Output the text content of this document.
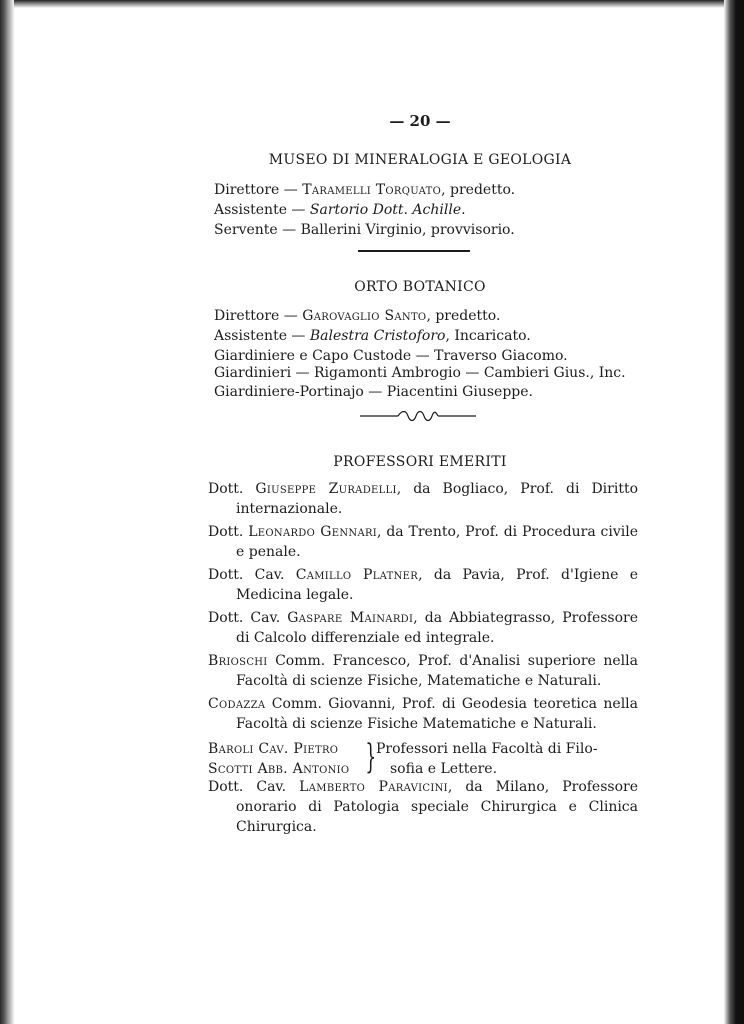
— 20 —
MUSEO DI MINERALOGIA E GEOLOGIA
Direttore — Taramelli Torquato, predetto.
Assistente — Sartorio Dott. Achille.
Servente — Ballerini Virginio, provvisorio.
ORTO BOTANICO
Direttore — Garovaglio Santo, predetto.
Assistente — Balestra Cristoforo, Incaricato.
Giardiniere e Capo Custode — Traverso Giacomo.
Giardinieri — Rigamonti Ambrogio — Cambieri Gius., Inc.
Giardiniere-Portinajo — Piacentini Giuseppe.
PROFESSORI EMERITI

Dott. Giuseppe Zuradelli, da Bogliaco, Prof. di Diritto internazionale.

Dott. Leonardo Gennari, da Trento, Prof. di Procedura civile e penale.

Dott. Cav. Camillo Platner, da Pavia, Prof. d'Igiene e Medicina legale.

Dott. Cav. Gaspare Mainardi, da Abbiategrasso, Professore di Calcolo differenziale ed integrale.

Brioschi Comm. Francesco, Prof. d'Analisi superiore nella Facoltà di scienze Fisiche, Matematiche e Naturali.

Codazza Comm. Giovanni, Prof. di Geodesia teoretica nella Facoltà di scienze Fisiche Matematiche e Naturali.

Baroli Cav. Pietro
Scotti Abb. Antonio } Professori nella Facoltà di Filo-
sofia e Lettere.

Dott. Cav. Lamberto Paravicini, da Milano, Professore onorario di Patologia speciale Chirurgica e Clinica Chirurgica.
